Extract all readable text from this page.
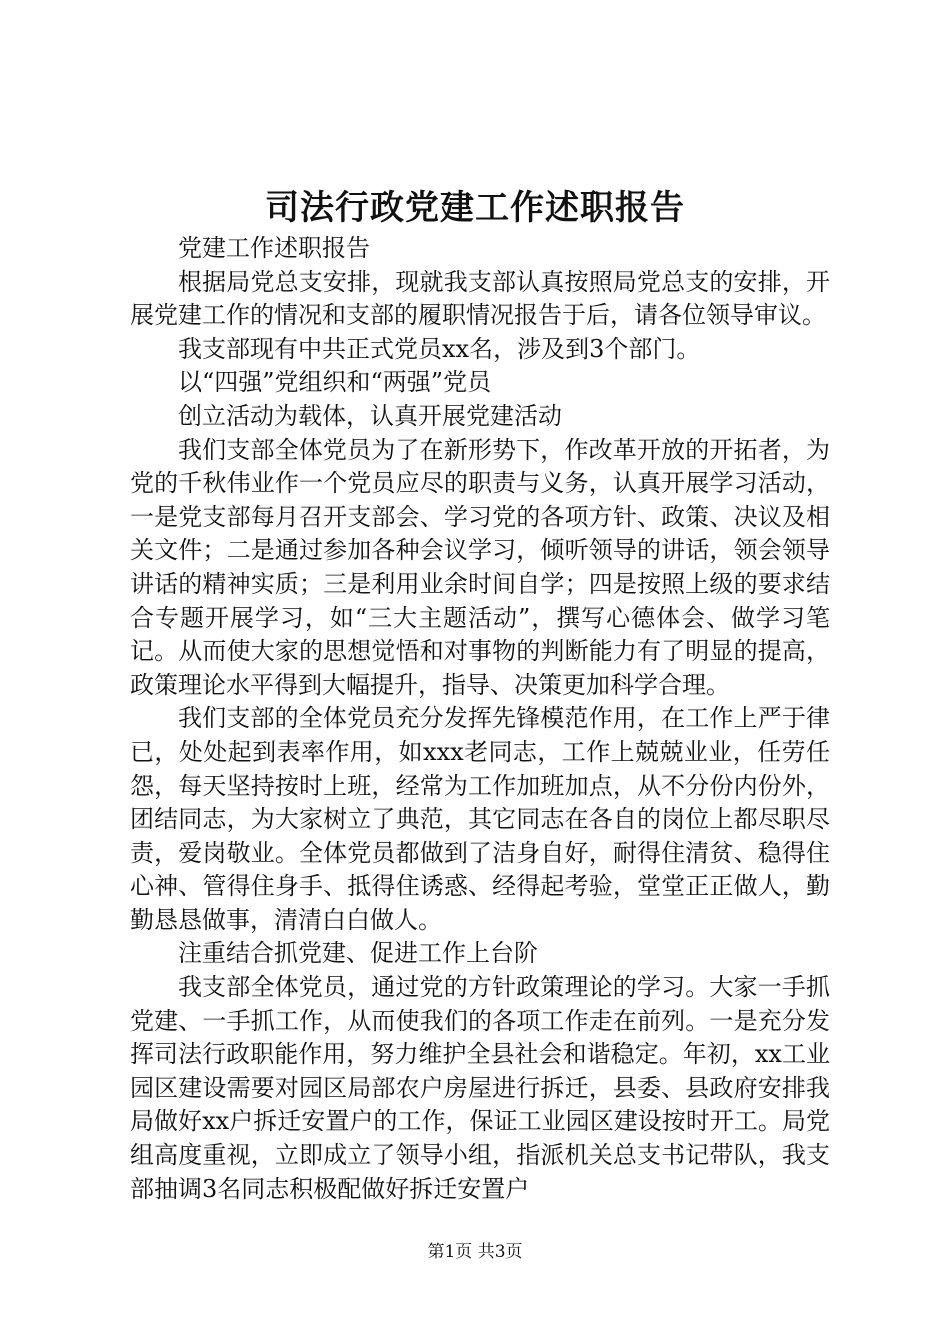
司法行政党建工作述职报告

党建工作述职报告

根据局党总支安排，现就我支部认真按照局党总支的安排，开展党建工作的情况和支部的履职情况报告于后，请各位领导审议。

我支部现有中共正式党员xx名，涉及到3个部门。

以“四强”党组织和“两强”党员

创立活动为载体，认真开展党建活动

我们支部全体党员为了在新形势下，作改革开放的开拓者，为党的千秋伟业作一个党员应尽的职责与义务，认真开展学习活动，一是党支部每月召开支部会、学习党的各项方针、政策、决议及相关文件；二是通过参加各种会议学习，倾听领导的讲话，领会领导讲话的精神实质；三是利用业余时间自学；四是按照上级的要求结合专题开展学习，如“三大主题活动”，撰写心德体会、做学习笔记。从而使大家的思想觉悟和对事物的判断能力有了明显的提高，政策理论水平得到大幅提升，指导、决策更加科学合理。

我们支部的全体党员充分发挥先锋模范作用，在工作上严于律已，处处起到表率作用，如xxx老同志，工作上兢兢业业，任劳任怨，每天坚持按时上班，经常为工作加班加点，从不分份内份外，团结同志，为大家树立了典范，其它同志在各自的岗位上都尽职尽责，爱岗敬业。全体党员都做到了洁身自好，耐得住清贫、稳得住心神、管得住身手、抵得住诱惑、经得起考验，堂堂正正做人，勤勤恳恳做事，清清白白做人。

注重结合抓党建、促进工作上台阶

我支部全体党员，通过党的方针政策理论的学习。大家一手抓党建、一手抓工作，从而使我们的各项工作走在前列。一是充分发挥司法行政职能作用，努力维护全县社会和谐稳定。年初，xx工业园区建设需要对园区局部农户房屋进行拆迁，县委、县政府安排我局做好xx户拆迁安置户的工作，保证工业园区建设按时开工。局党组高度重视，立即成立了领导小组，指派机关总支书记带队，我支部抽调3名同志积极配做好拆迁安置户

第1页 共3页
